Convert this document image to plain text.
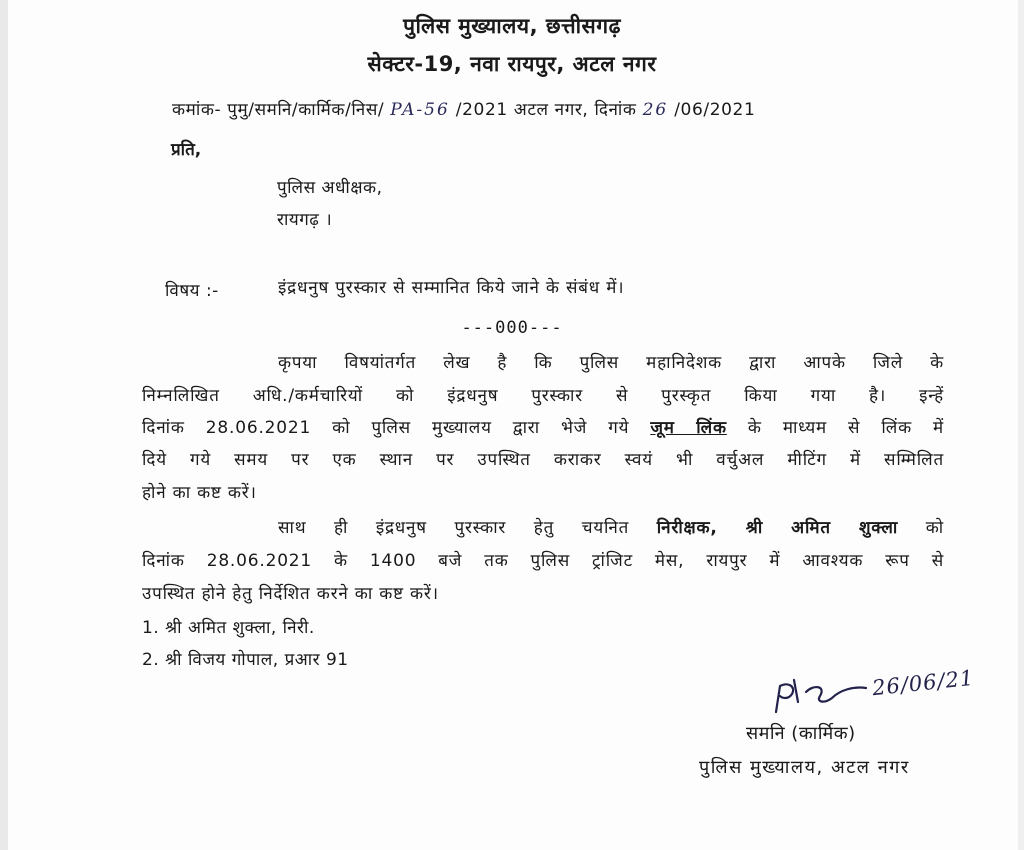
पुलिस मुख्यालय, छत्तीसगढ़
सेक्टर-19, नवा रायपुर, अटल नगर
कमांक- पुमु/समनि/कार्मिक/निस/ PA-56 /2021 अटल नगर, दिनांक 26 /06/2021
प्रति,
पुलिस अधीक्षक,
रायगढ़ ।
विषय :-	इंद्रधनुष पुरस्कार से सम्मानित किये जाने के संबंध में।
---000---
कृपया विषयांतर्गत लेख है कि पुलिस महानिदेशक द्वारा आपके जिले के
निम्नलिखित अधि./कर्मचारियों को इंद्रधनुष पुरस्कार से पुरस्कृत किया गया है। इन्हें
दिनांक 28.06.2021 को पुलिस मुख्यालय द्वारा भेजे गये जूम लिंक के माध्यम से लिंक में
दिये गये समय पर एक स्थान पर उपस्थित कराकर स्वयं भी वर्चुअल मीटिंग में सम्मिलित
होने का कष्ट करें।
साथ ही इंद्रधनुष पुरस्कार हेतु चयनित निरीक्षक, श्री अमित शुक्ला को
दिनांक 28.06.2021 के 1400 बजे तक पुलिस ट्रांजिट मेस, रायपुर में आवश्यक रूप से
उपस्थित होने हेतु निर्देशित करने का कष्ट करें।
1. श्री अमित शुक्ला, निरी.
2. श्री विजय गोपाल, प्रआर 91
26/06/21
समनि (कार्मिक)
पुलिस मुख्यालय, अटल नगर
